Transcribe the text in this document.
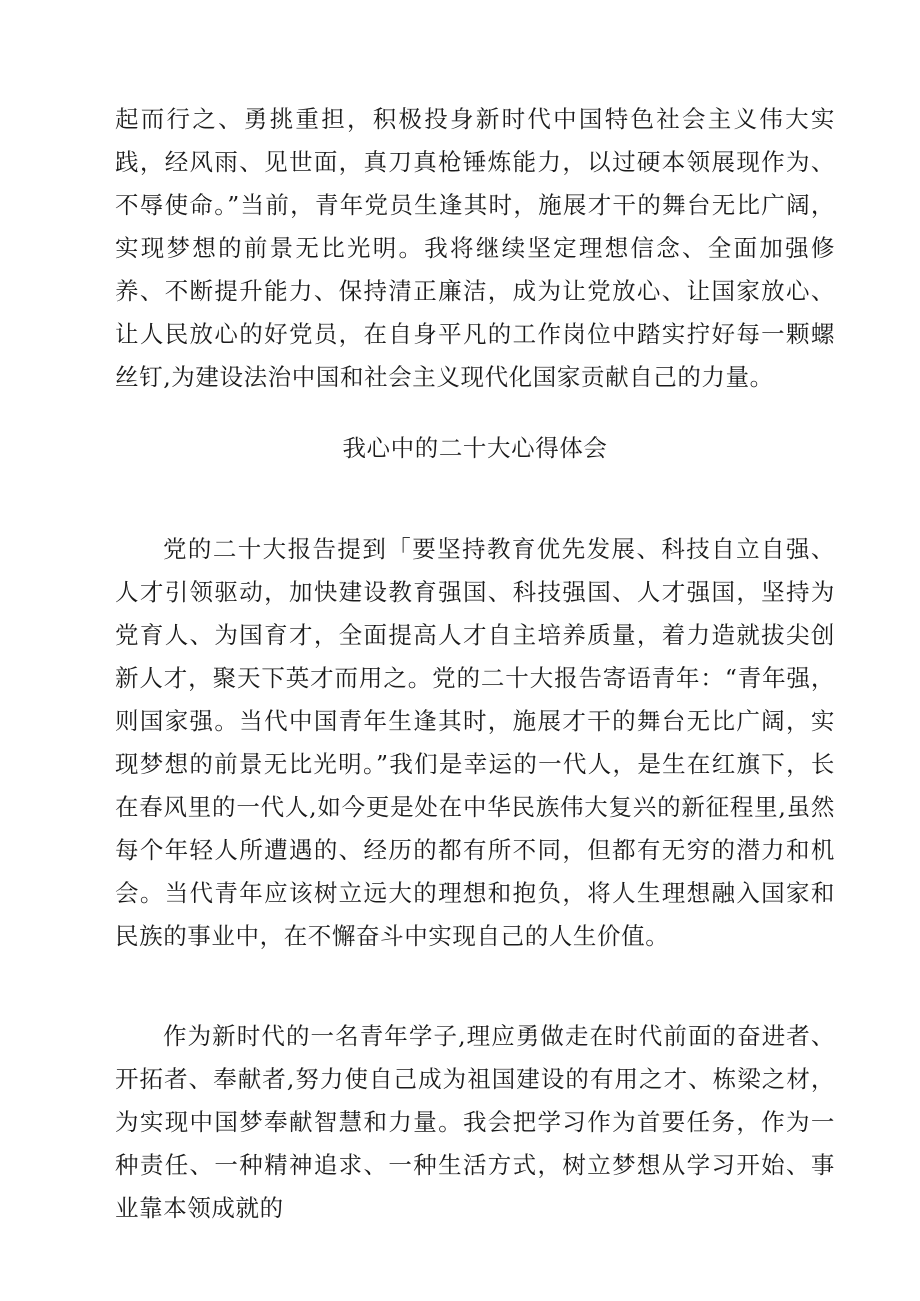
起而行之、勇挑重担，积极投身新时代中国特色社会主义伟大实践，经风雨、见世面，真刀真枪锤炼能力，以过硬本领展现作为、不辱使命。”当前，青年党员生逢其时，施展才干的舞台无比广阔，实现梦想的前景无比光明。我将继续坚定理想信念、全面加强修养、不断提升能力、保持清正廉洁，成为让党放心、让国家放心、让人民放心的好党员，在自身平凡的工作岗位中踏实拧好每一颗螺丝钉,为建设法治中国和社会主义现代化国家贡献自己的力量。

我心中的二十大心得体会

党的二十大报告提到「要坚持教育优先发展、科技自立自强、人才引领驱动，加快建设教育强国、科技强国、人才强国，坚持为党育人、为国育才，全面提高人才自主培养质量，着力造就拔尖创新人才，聚天下英才而用之。党的二十大报告寄语青年：“青年强，则国家强。当代中国青年生逢其时，施展才干的舞台无比广阔，实现梦想的前景无比光明。”我们是幸运的一代人，是生在红旗下，长在春风里的一代人,如今更是处在中华民族伟大复兴的新征程里,虽然每个年轻人所遭遇的、经历的都有所不同，但都有无穷的潜力和机会。当代青年应该树立远大的理想和抱负，将人生理想融入国家和民族的事业中，在不懈奋斗中实现自己的人生价值。

作为新时代的一名青年学子,理应勇做走在时代前面的奋进者、开拓者、奉献者,努力使自己成为祖国建设的有用之才、栋梁之材，为实现中国梦奉献智慧和力量。我会把学习作为首要任务，作为一种责任、一种精神追求、一种生活方式，树立梦想从学习开始、事业靠本领成就的
